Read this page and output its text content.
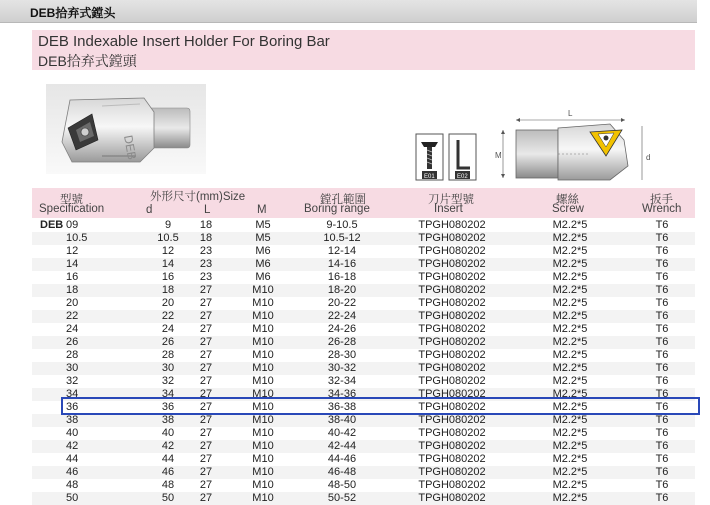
DEB拾弃式鏜头
DEB Indexable Insert Holder For Boring Bar
DEB拾弃式鏜頭
DEB
E01	E02
L
M	d
型號
Specification
外形尺寸(mm)Size
d	L	M
鏜孔範圍
Boring range
刀片型號
Insert
螺絲
Screw
扳手
Wrench
DEB 09	9	18	M5	9-10.5	TPGH080202	M2.2*5	T6
10.5	10.5	18	M5	10.5-12	TPGH080202	M2.2*5	T6
12	12	23	M6	12-14	TPGH080202	M2.2*5	T6
14	14	23	M6	14-16	TPGH080202	M2.2*5	T6
16	16	23	M6	16-18	TPGH080202	M2.2*5	T6
18	18	27	M10	18-20	TPGH080202	M2.2*5	T6
20	20	27	M10	20-22	TPGH080202	M2.2*5	T6
22	22	27	M10	22-24	TPGH080202	M2.2*5	T6
24	24	27	M10	24-26	TPGH080202	M2.2*5	T6
26	26	27	M10	26-28	TPGH080202	M2.2*5	T6
28	28	27	M10	28-30	TPGH080202	M2.2*5	T6
30	30	27	M10	30-32	TPGH080202	M2.2*5	T6
32	32	27	M10	32-34	TPGH080202	M2.2*5	T6
34	34	27	M10	34-36	TPGH080202	M2.2*5	T6
36	36	27	M10	36-38	TPGH080202	M2.2*5	T6
38	38	27	M10	38-40	TPGH080202	M2.2*5	T6
40	40	27	M10	40-42	TPGH080202	M2.2*5	T6
42	42	27	M10	42-44	TPGH080202	M2.2*5	T6
44	44	27	M10	44-46	TPGH080202	M2.2*5	T6
46	46	27	M10	46-48	TPGH080202	M2.2*5	T6
48	48	27	M10	48-50	TPGH080202	M2.2*5	T6
50	50	27	M10	50-52	TPGH080202	M2.2*5	T6
